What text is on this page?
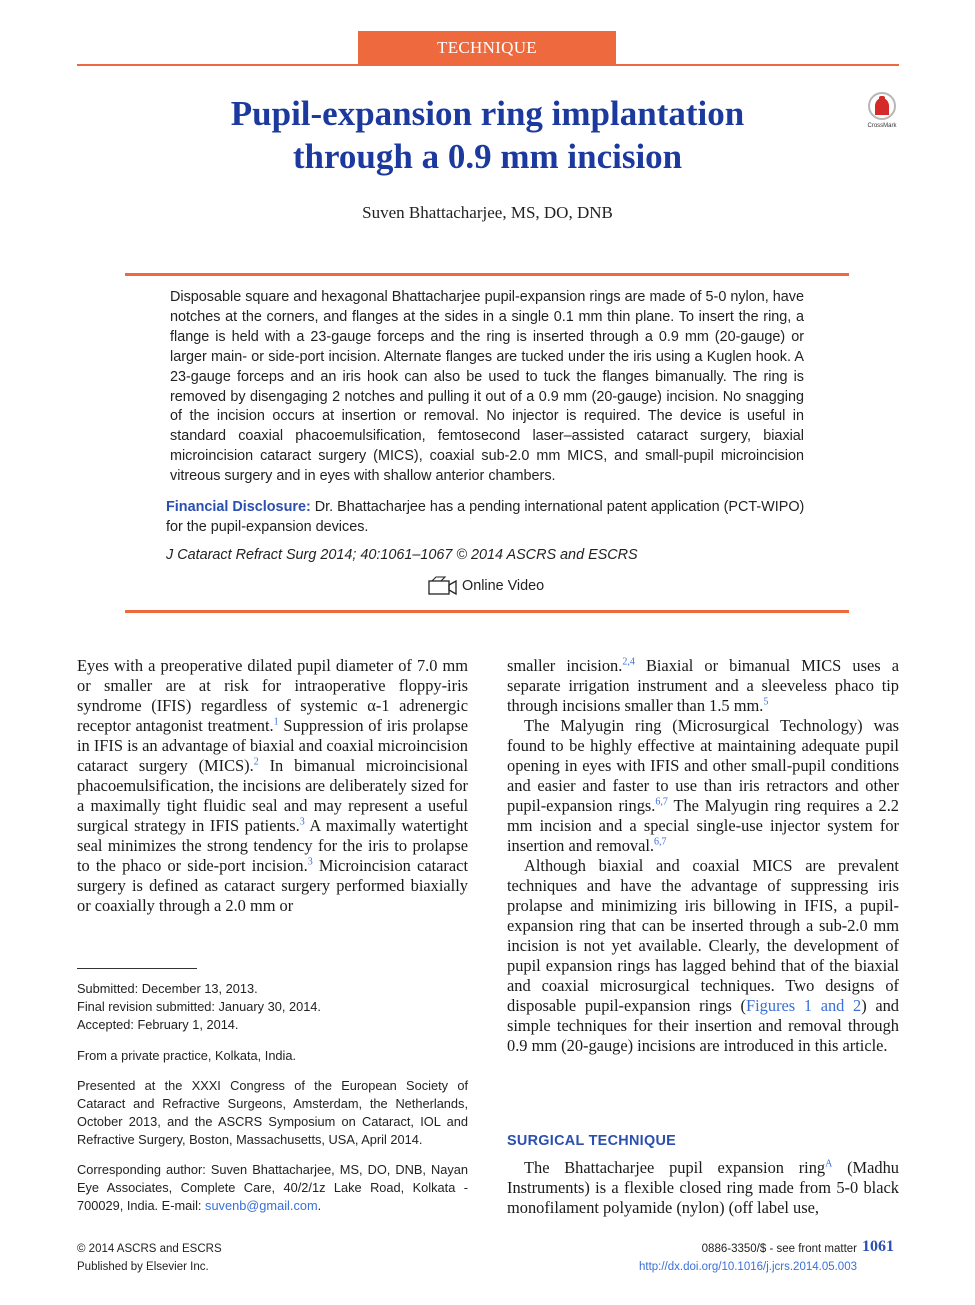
TECHNIQUE
Pupil-expansion ring implantation
through a 0.9 mm incision
CrossMark
Suven Bhattacharjee, MS, DO, DNB
Disposable square and hexagonal Bhattacharjee pupil-expansion rings are made of 5-0 nylon, have notches at the corners, and flanges at the sides in a single 0.1 mm thin plane. To insert the ring, a flange is held with a 23-gauge forceps and the ring is inserted through a 0.9 mm (20-gauge) or larger main- or side-port incision. Alternate flanges are tucked under the iris using a Kuglen hook. A 23-gauge forceps and an iris hook can also be used to tuck the flanges bimanually. The ring is removed by disengaging 2 notches and pulling it out of a 0.9 mm (20-gauge) incision. No snagging of the incision occurs at insertion or removal. No injector is required. The device is useful in standard coaxial phacoemulsification, femtosecond laser–assisted cataract surgery, biaxial microincision cataract surgery (MICS), coaxial sub-2.0 mm MICS, and small-pupil microincision vitreous surgery and in eyes with shallow anterior chambers.
Financial Disclosure: Dr. Bhattacharjee has a pending international patent application (PCT-WIPO) for the pupil-expansion devices.
J Cataract Refract Surg 2014; 40:1061–1067 © 2014 ASCRS and ESCRS
Online Video

Eyes with a preoperative dilated pupil diameter of 7.0 mm or smaller are at risk for intraoperative floppy-iris syndrome (IFIS) regardless of systemic α-1 adrenergic receptor antagonist treatment.$^1$ Suppression of iris prolapse in IFIS is an advantage of biaxial and coaxial microincision cataract surgery (MICS).$^2$ In bimanual microincisional phacoemulsification, the incisions are deliberately sized for a maximally tight fluidic seal and may represent a useful surgical strategy in IFIS patients.$^3$ A maximally watertight seal minimizes the strong tendency for the iris to prolapse to the phaco or side-port incision.$^3$ Microincision cataract surgery is defined as cataract surgery performed biaxially or coaxially through a 2.0 mm or

Submitted: December 13, 2013.
Final revision submitted: January 30, 2014.
Accepted: February 1, 2014.
From a private practice, Kolkata, India.
Presented at the XXXI Congress of the European Society of Cataract and Refractive Surgeons, Amsterdam, the Netherlands, October 2013, and the ASCRS Symposium on Cataract, IOL and Refractive Surgery, Boston, Massachusetts, USA, April 2014.
Corresponding author: Suven Bhattacharjee, MS, DO, DNB, Nayan Eye Associates, Complete Care, 40/2/1z Lake Road, Kolkata - 700029, India. E-mail: suvenb@gmail.com.

smaller incision.$^{2,4}$ Biaxial or bimanual MICS uses a separate irrigation instrument and a sleeveless phaco tip through incisions smaller than 1.5 mm.$^5$

The Malyugin ring (Microsurgical Technology) was found to be highly effective at maintaining adequate pupil opening in eyes with IFIS and other small-pupil conditions and easier and faster to use than iris retractors and other pupil-expansion rings.$^{6,7}$ The Malyugin ring requires a 2.2 mm incision and a special single-use injector system for insertion and removal.$^{6,7}$

Although biaxial and coaxial MICS are prevalent techniques and have the advantage of suppressing iris prolapse and minimizing iris billowing in IFIS, a pupil-expansion ring that can be inserted through a sub-2.0 mm incision is not yet available. Clearly, the development of pupil expansion rings has lagged behind that of the biaxial and coaxial microsurgical techniques. Two designs of disposable pupil-expansion rings (Figures 1 and 2) and simple techniques for their insertion and removal through 0.9 mm (20-gauge) incisions are introduced in this article.

SURGICAL TECHNIQUE

The Bhattacharjee pupil expansion ring$^A$ (Madhu Instruments) is a flexible closed ring made from 5-0 black monofilament polyamide (nylon) (off label use,

© 2014 ASCRS and ESCRS
Published by Elsevier Inc.
0886-3350/$ - see front matter 1061
http://dx.doi.org/10.1016/j.jcrs.2014.05.003
